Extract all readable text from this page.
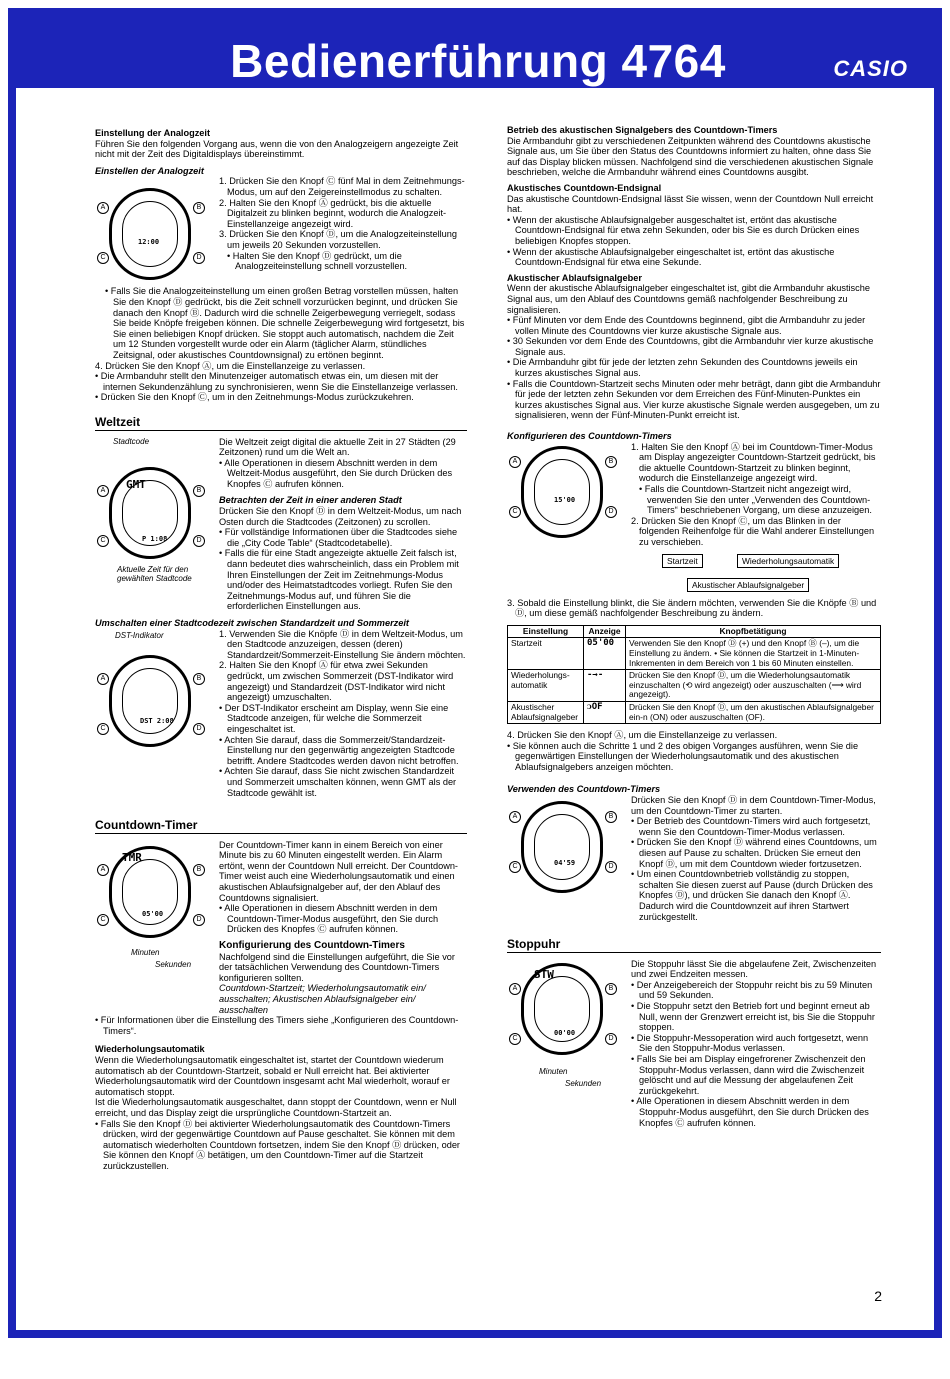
Bedienerführung 4764	CASIO

Einstellung der Analogzeit

Führen Sie den folgenden Vorgang aus, wenn die von den Analogzeigern angezeigte Zeit nicht mit der Zeit des Digitaldisplays übereinstimmt.

Einstellen der Analogzeit

12:00
A	B
C	D

1. Drücken Sie den Knopf Ⓒ fünf Mal in dem Zeitnehmungs-Modus, um auf den Zeigereinstellmodus zu schalten.

2. Halten Sie den Knopf Ⓐ gedrückt, bis die aktuelle Digitalzeit zu blinken beginnt, wodurch die Analogzeit-Einstellanzeige angezeigt wird.

3. Drücken Sie den Knopf Ⓓ, um die Analogzeiteinstellung um jeweils 20 Sekunden vorzustellen.

• Halten Sie den Knopf Ⓓ gedrückt, um die Analogzeiteinstellung schnell vorzustellen.

• Falls Sie die Analogzeiteinstellung um einen großen Betrag vorstellen müssen, halten Sie den Knopf Ⓓ gedrückt, bis die Zeit schnell vorzurücken beginnt, und drücken Sie danach den Knopf Ⓑ. Dadurch wird die schnelle Zeigerbewegung verriegelt, sodass Sie beide Knöpfe freigeben können. Die schnelle Zeigerbewegung wird fortgesetzt, bis Sie einen beliebigen Knopf drücken. Sie stoppt auch automatisch, nachdem die Zeit um 12 Stunden vorgestellt wurde oder ein Alarm (täglicher Alarm, stündliches Zeitsignal, oder akustisches Countdownsignal) zu ertönen beginnt.

4. Drücken Sie den Knopf Ⓐ, um die Einstellanzeige zu verlassen.

• Die Armbanduhr stellt den Minutenzeiger automatisch etwas ein, um diesen mit der internen Sekundenzählung zu synchronisieren, wenn Sie die Einstellanzeige verlassen.

• Drücken Sie den Knopf Ⓒ, um in den Zeitnehmungs-Modus zurückzukehren.

Weltzeit
Stadtcode
GMT
P 1:08
A	B
C	D
Aktuelle Zeit für den gewählten Stadtcode

Die Weltzeit zeigt digital die aktuelle Zeit in 27 Städten (29 Zeitzonen) rund um die Welt an.

• Alle Operationen in diesem Abschnitt werden in dem Weltzeit-Modus ausgeführt, den Sie durch Drücken des Knopfes Ⓒ aufrufen können.

Betrachten der Zeit in einer anderen Stadt

Drücken Sie den Knopf Ⓓ in dem Weltzeit-Modus, um nach Osten durch die Stadtcodes (Zeitzonen) zu scrollen.

• Für vollständige Informationen über die Stadtcodes siehe die „City Code Table“ (Stadtcodetabelle).

• Falls die für eine Stadt angezeigte aktuelle Zeit falsch ist, dann bedeutet dies wahrscheinlich, dass ein Problem mit Ihren Einstellungen der Zeit im Zeitnehmungs-Modus und/oder des Heimatstadtcodes vorliegt. Rufen Sie den Zeitnehmungs-Modus auf, und führen Sie die erforderlichen Einstellungen aus.

Umschalten einer Stadtcodezeit zwischen Standardzeit und Sommerzeit

DST-Indikator
DST 2:08
A	B
C	D

1. Verwenden Sie die Knöpfe Ⓓ in dem Weltzeit-Modus, um den Stadtcode anzuzeigen, dessen (deren) Standardzeit/Sommerzeit-Einstellung Sie ändern möchten.

2. Halten Sie den Knopf Ⓐ für etwa zwei Sekunden gedrückt, um zwischen Sommerzeit (DST-Indikator wird angezeigt) und Standardzeit (DST-Indikator wird nicht angezeigt) umzuschalten.

• Der DST-Indikator erscheint am Display, wenn Sie eine Stadtcode anzeigen, für welche die Sommerzeit eingeschaltet ist.

• Achten Sie darauf, dass die Sommerzeit/Standardzeit-Einstellung nur den gegenwärtig angezeigten Stadtcode betrifft. Andere Stadtcodes werden davon nicht betroffen.

• Achten Sie darauf, dass Sie nicht zwischen Standardzeit und Sommerzeit umschalten können, wenn GMT als der Stadtcode gewählt ist.

Countdown-Timer
TMR
05'00
A	B
C	D
Minuten
Sekunden

Der Countdown-Timer kann in einem Bereich von einer Minute bis zu 60 Minuten eingestellt werden. Ein Alarm ertönt, wenn der Countdown Null erreicht. Der Countdown-Timer weist auch eine Wiederholungsautomatik und einen akustischen Ablaufsignalgeber auf, der den Ablauf des Countdowns signalisiert.

• Alle Operationen in diesem Abschnitt werden in dem Countdown-Timer-Modus ausgeführt, den Sie durch Drücken des Knopfes Ⓒ aufrufen können.

Konfigurierung des Countdown-Timers

Nachfolgend sind die Einstellungen aufgeführt, die Sie vor der tatsächlichen Verwendung des Countdown-Timers konfigurieren sollten.

Countdown-Startzeit; Wiederholungsautomatik ein/ ausschalten; Akustischen Ablaufsignalgeber ein/ ausschalten

• Für Informationen über die Einstellung des Timers siehe „Konfigurieren des Countdown-Timers“.

Wiederholungsautomatik

Wenn die Wiederholungsautomatik eingeschaltet ist, startet der Countdown wiederum automatisch ab der Countdown-Startzeit, sobald er Null erreicht hat. Bei aktivierter Wiederholungsautomatik wird der Countdown insgesamt acht Mal wiederholt, worauf er automatisch stoppt.

Ist die Wiederholungsautomatik ausgeschaltet, dann stoppt der Countdown, wenn er Null erreicht, und das Display zeigt die ursprüngliche Countdown-Startzeit an.

• Falls Sie den Knopf Ⓓ bei aktivierter Wiederholungsautomatik des Countdown-Timers drücken, wird der gegenwärtige Countdown auf Pause geschaltet. Sie können mit dem automatisch wiederholten Countdown fortsetzen, indem Sie den Knopf Ⓓ drücken, oder Sie können den Knopf Ⓐ betätigen, um den Countdown-Timer auf die Startzeit zurückzustellen.

Betrieb des akustischen Signalgebers des Countdown-Timers

Die Armbanduhr gibt zu verschiedenen Zeitpunkten während des Countdowns akustische Signale aus, um Sie über den Status des Countdowns informiert zu halten, ohne dass Sie auf das Display blicken müssen. Nachfolgend sind die verschiedenen akustischen Signale beschrieben, welche die Armbanduhr während eines Countdowns ausgibt.

Akustisches Countdown-Endsignal

Das akustische Countdown-Endsignal lässt Sie wissen, wenn der Countdown Null erreicht hat.

• Wenn der akustische Ablaufsignalgeber ausgeschaltet ist, ertönt das akustische Countdown-Endsignal für etwa zehn Sekunden, oder bis Sie es durch Drücken eines beliebigen Knopfes stoppen.

• Wenn der akustische Ablaufsignalgeber eingeschaltet ist, ertönt das akustische Countdown-Endsignal für etwa eine Sekunde.

Akustischer Ablaufsignalgeber

Wenn der akustische Ablaufsignalgeber eingeschaltet ist, gibt die Armbanduhr akustische Signal aus, um den Ablauf des Countdowns gemäß nachfolgender Beschreibung zu signalisieren.

• Fünf Minuten vor dem Ende des Countdowns beginnend, gibt die Armbanduhr zu jeder vollen Minute des Countdowns vier kurze akustische Signale aus.

• 30 Sekunden vor dem Ende des Countdowns, gibt die Armbanduhr vier kurze akustische Signale aus.

• Die Armbanduhr gibt für jede der letzten zehn Sekunden des Countdowns jeweils ein kurzes akustisches Signal aus.

• Falls die Countdown-Startzeit sechs Minuten oder mehr beträgt, dann gibt die Armbanduhr für jede der letzten zehn Sekunden vor dem Erreichen des Fünf-Minuten-Punktes ein kurzes akustisches Signal aus. Vier kurze akustische Signale werden ausgegeben, um zu signalisieren, wenn der Fünf-Minuten-Punkt erreicht ist.

Konfigurieren des Countdown-Timers

15'00
A	B
C	D

1. Halten Sie den Knopf Ⓐ bei im Countdown-Timer-Modus am Display angezeigter Countdown-Startzeit gedrückt, bis die aktuelle Countdown-Startzeit zu blinken beginnt, wodurch die Einstellanzeige angezeigt wird.

• Falls die Countdown-Startzeit nicht angezeigt wird, verwenden Sie den unter „Verwenden des Countdown-Timers“ beschriebenen Vorgang, um diese anzuzeigen.

2. Drücken Sie den Knopf Ⓒ, um das Blinken in der folgenden Reihenfolge für die Wahl anderer Einstellungen zu verschieben.

Startzeit	Wiederholungsautomatik
Akustischer Ablaufsignalgeber

3. Sobald die Einstellung blinkt, die Sie ändern möchten, verwenden Sie die Knöpfe Ⓑ und Ⓓ, um diese gemäß nachfolgender Beschreibung zu ändern.

Einstellung	Anzeige	Knopfbetätigung
Startzeit	05'00	Verwenden Sie den Knopf Ⓓ (+) und den Knopf Ⓑ (–), um die Einstellung zu ändern. • Sie können die Startzeit in 1-Minuten-Inkrementen in dem Bereich von 1 bis 60 Minuten einstellen.
Wiederholungs-automatik	-→-	Drücken Sie den Knopf Ⓓ, um die Wiederholungsautomatik einzuschalten (⟲ wird angezeigt) oder auszuschalten (⟶ wird angezeigt).
Akustischer Ablaufsignalgeber	ᴐOF	Drücken Sie den Knopf Ⓓ, um den akustischen Ablaufsignalgeber ein-n (ON) oder auszuschalten (OF).

4. Drücken Sie den Knopf Ⓐ, um die Einstellanzeige zu verlassen.

• Sie können auch die Schritte 1 und 2 des obigen Vorganges ausführen, wenn Sie die gegenwärtigen Einstellungen der Wiederholungsautomatik und des akustischen Ablaufsignalgebers anzeigen möchten.

Verwenden des Countdown-Timers

04'59
A	B
C	D

Drücken Sie den Knopf Ⓓ in dem Countdown-Timer-Modus, um den Countdown-Timer zu starten.

• Der Betrieb des Countdown-Timers wird auch fortgesetzt, wenn Sie den Countdown-Timer-Modus verlassen.

• Drücken Sie den Knopf Ⓓ während eines Countdowns, um diesen auf Pause zu schalten. Drücken Sie erneut den Knopf Ⓓ, um mit dem Countdown wieder fortzusetzen.

• Um einen Countdownbetrieb vollständig zu stoppen, schalten Sie diesen zuerst auf Pause (durch Drücken des Knopfes Ⓓ), und drücken Sie danach den Knopf Ⓐ. Dadurch wird die Countdownzeit auf ihren Startwert zurückgestellt.

Stoppuhr
STW
00'00
A	B
C	D
Minuten
Sekunden

Die Stoppuhr lässt Sie die abgelaufene Zeit, Zwischenzeiten und zwei Endzeiten messen.

• Der Anzeigebereich der Stoppuhr reicht bis zu 59 Minuten und 59 Sekunden.

• Die Stoppuhr setzt den Betrieb fort und beginnt erneut ab Null, wenn der Grenzwert erreicht ist, bis Sie die Stoppuhr stoppen.

• Die Stoppuhr-Messoperation wird auch fortgesetzt, wenn Sie den Stoppuhr-Modus verlassen.

• Falls Sie bei am Display eingefrorener Zwischenzeit den Stoppuhr-Modus verlassen, dann wird die Zwischenzeit gelöscht und auf die Messung der abgelaufenen Zeit zurückgekehrt.

• Alle Operationen in diesem Abschnitt werden in dem Stoppuhr-Modus ausgeführt, den Sie durch Drücken des Knopfes Ⓒ aufrufen können.

2
